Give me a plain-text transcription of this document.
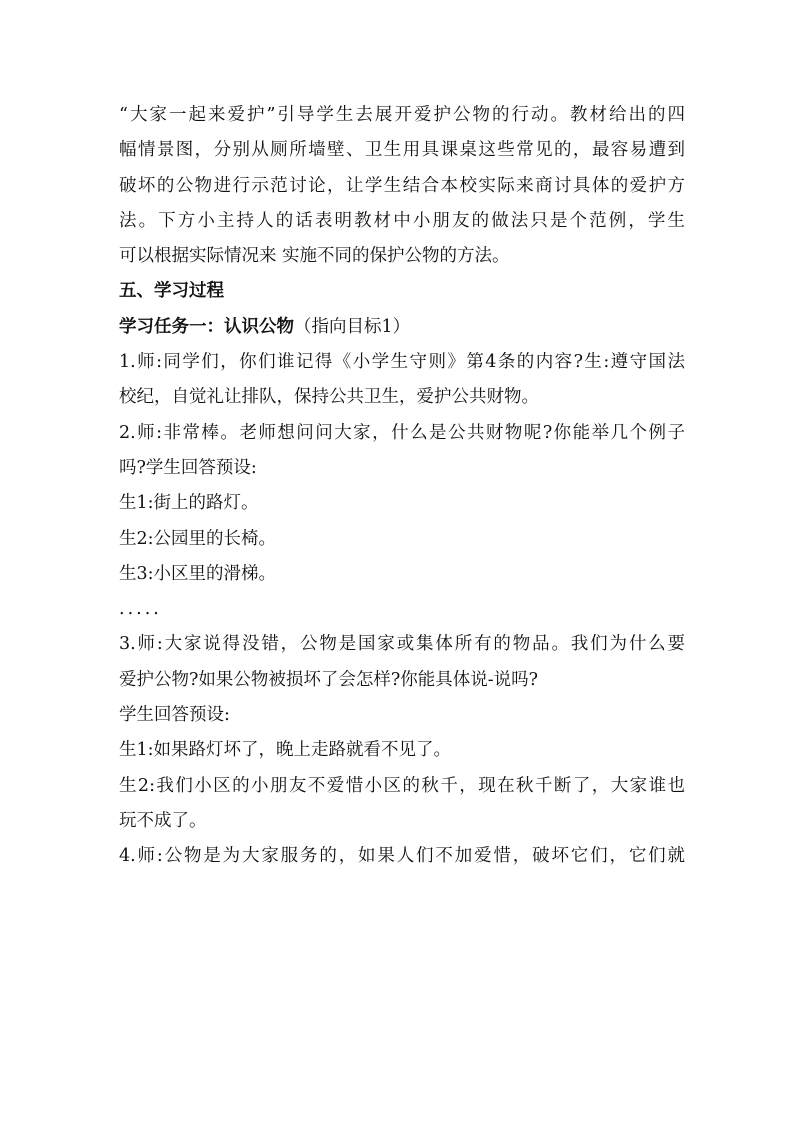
“大家一起来爱护”引导学生去展开爱护公物的行动。教材给出的四
幅情景图，分别从厕所墙壁、卫生用具课桌这些常见的，最容易遭到
破坏的公物进行示范讨论，让学生结合本校实际来商讨具体的爱护方
法。下方小主持人的话表明教材中小朋友的做法只是个范例，学生
可以根据实际情况来 实施不同的保护公物的方法。
五、学习过程
学习任务一：认识公物（指向目标1）
1.师:同学们，你们谁记得《小学生守则》第4条的内容?生:遵守国法
校纪，自觉礼让排队，保持公共卫生，爱护公共财物。
2.师:非常棒。老师想问问大家，什么是公共财物呢?你能举几个例子
吗?学生回答预设:
生1:街上的路灯。
生2:公园里的长椅。
生3:小区里的滑梯。
.....
3.师:大家说得没错，公物是国家或集体所有的物品。我们为什么要
爱护公物?如果公物被损坏了会怎样?你能具体说-说吗?
学生回答预设:
生1:如果路灯坏了，晚上走路就看不见了。
生2:我们小区的小朋友不爱惜小区的秋千，现在秋千断了，大家谁也
玩不成了。
4.师:公物是为大家服务的，如果人们不加爱惜，破坏它们，它们就
